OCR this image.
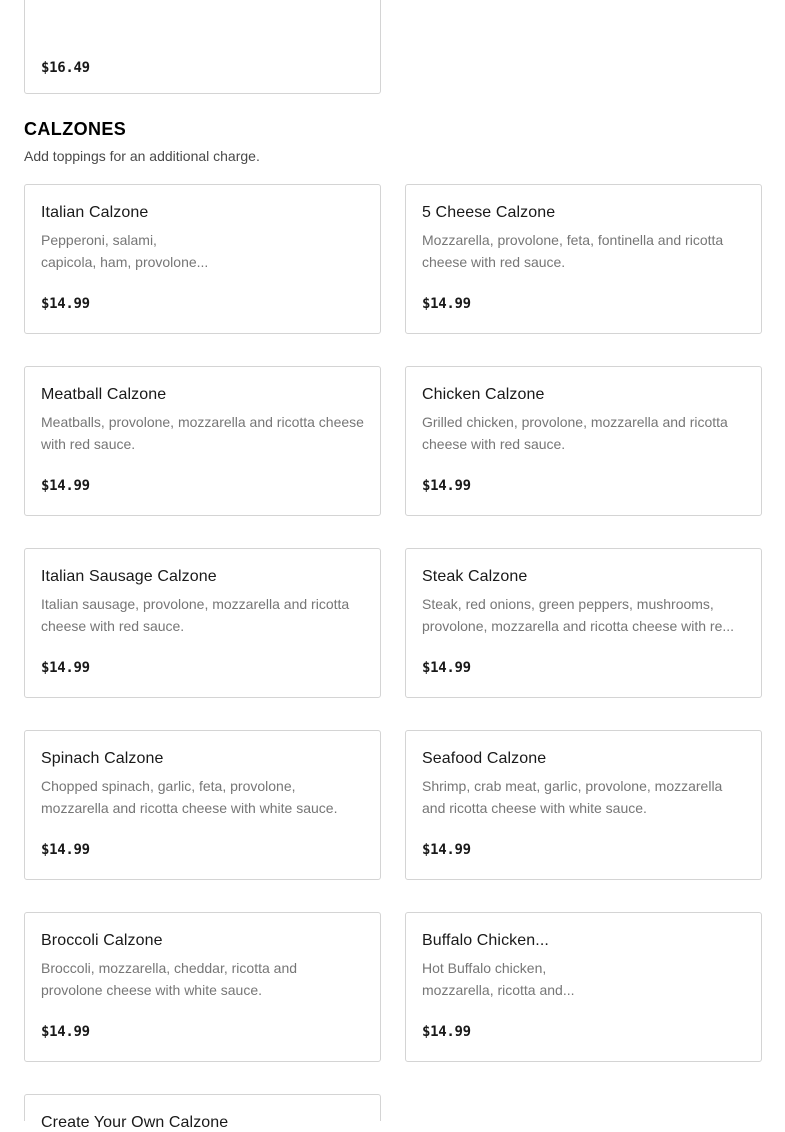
$16.49
CALZONES

Add toppings for an additional charge.

Italian Calzone

Pepperoni, salami,
capicola, ham, provolone...

$14.99
5 Cheese Calzone

Mozzarella, provolone, feta, fontinella and ricotta cheese with red sauce.

$14.99
Meatball Calzone

Meatballs, provolone, mozzarella and ricotta cheese with red sauce.

$14.99
Chicken Calzone

Grilled chicken, provolone, mozzarella and ricotta cheese with red sauce.

$14.99
Italian Sausage Calzone

Italian sausage, provolone, mozzarella and ricotta cheese with red sauce.

$14.99
Steak Calzone

Steak, red onions, green peppers, mushrooms,
provolone, mozzarella and ricotta cheese with re...

$14.99
Spinach Calzone

Chopped spinach, garlic, feta, provolone,
mozzarella and ricotta cheese with white sauce.

$14.99
Seafood Calzone

Shrimp, crab meat, garlic, provolone, mozzarella and ricotta cheese with white sauce.

$14.99
Broccoli Calzone

Broccoli, mozzarella, cheddar, ricotta and
provolone cheese with white sauce.

$14.99
Buffalo Chicken...

Hot Buffalo chicken,
mozzarella, ricotta and...

$14.99
Create Your Own Calzone
